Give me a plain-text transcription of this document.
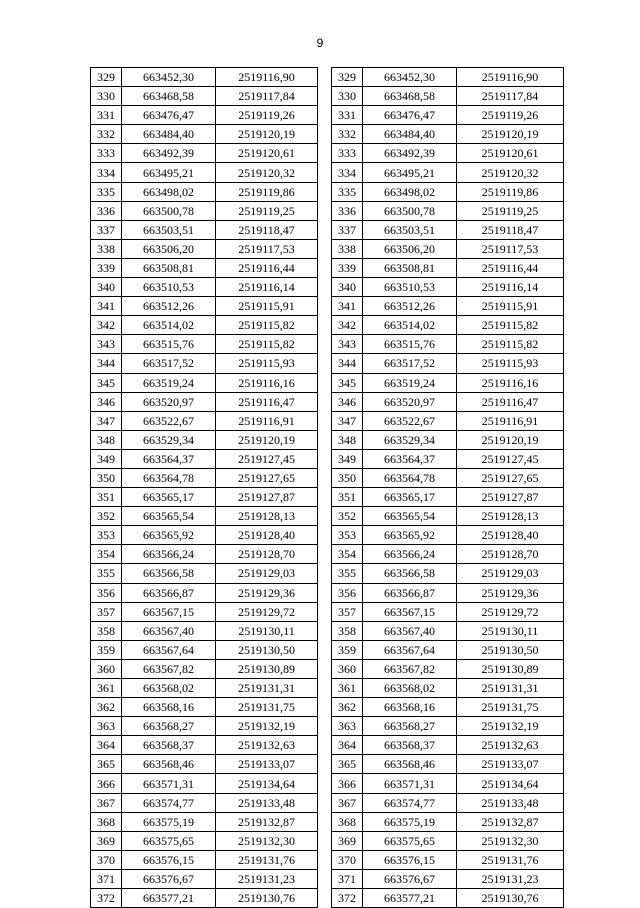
9
329	663452,30	2519116,90
330	663468,58	2519117,84
331	663476,47	2519119,26
332	663484,40	2519120,19
333	663492,39	2519120,61
334	663495,21	2519120,32
335	663498,02	2519119,86
336	663500,78	2519119,25
337	663503,51	2519118,47
338	663506,20	2519117,53
339	663508,81	2519116,44
340	663510,53	2519116,14
341	663512,26	2519115,91
342	663514,02	2519115,82
343	663515,76	2519115,82
344	663517,52	2519115,93
345	663519,24	2519116,16
346	663520,97	2519116,47
347	663522,67	2519116,91
348	663529,34	2519120,19
349	663564,37	2519127,45
350	663564,78	2519127,65
351	663565,17	2519127,87
352	663565,54	2519128,13
353	663565,92	2519128,40
354	663566,24	2519128,70
355	663566,58	2519129,03
356	663566,87	2519129,36
357	663567,15	2519129,72
358	663567,40	2519130,11
359	663567,64	2519130,50
360	663567,82	2519130,89
361	663568,02	2519131,31
362	663568,16	2519131,75
363	663568,27	2519132,19
364	663568,37	2519132,63
365	663568,46	2519133,07
366	663571,31	2519134,64
367	663574,77	2519133,48
368	663575,19	2519132,87
369	663575,65	2519132,30
370	663576,15	2519131,76
371	663576,67	2519131,23
372	663577,21	2519130,76
329	663452,30	2519116,90
330	663468,58	2519117,84
331	663476,47	2519119,26
332	663484,40	2519120,19
333	663492,39	2519120,61
334	663495,21	2519120,32
335	663498,02	2519119,86
336	663500,78	2519119,25
337	663503,51	2519118,47
338	663506,20	2519117,53
339	663508,81	2519116,44
340	663510,53	2519116,14
341	663512,26	2519115,91
342	663514,02	2519115,82
343	663515,76	2519115,82
344	663517,52	2519115,93
345	663519,24	2519116,16
346	663520,97	2519116,47
347	663522,67	2519116,91
348	663529,34	2519120,19
349	663564,37	2519127,45
350	663564,78	2519127,65
351	663565,17	2519127,87
352	663565,54	2519128,13
353	663565,92	2519128,40
354	663566,24	2519128,70
355	663566,58	2519129,03
356	663566,87	2519129,36
357	663567,15	2519129,72
358	663567,40	2519130,11
359	663567,64	2519130,50
360	663567,82	2519130,89
361	663568,02	2519131,31
362	663568,16	2519131,75
363	663568,27	2519132,19
364	663568,37	2519132,63
365	663568,46	2519133,07
366	663571,31	2519134,64
367	663574,77	2519133,48
368	663575,19	2519132,87
369	663575,65	2519132,30
370	663576,15	2519131,76
371	663576,67	2519131,23
372	663577,21	2519130,76
